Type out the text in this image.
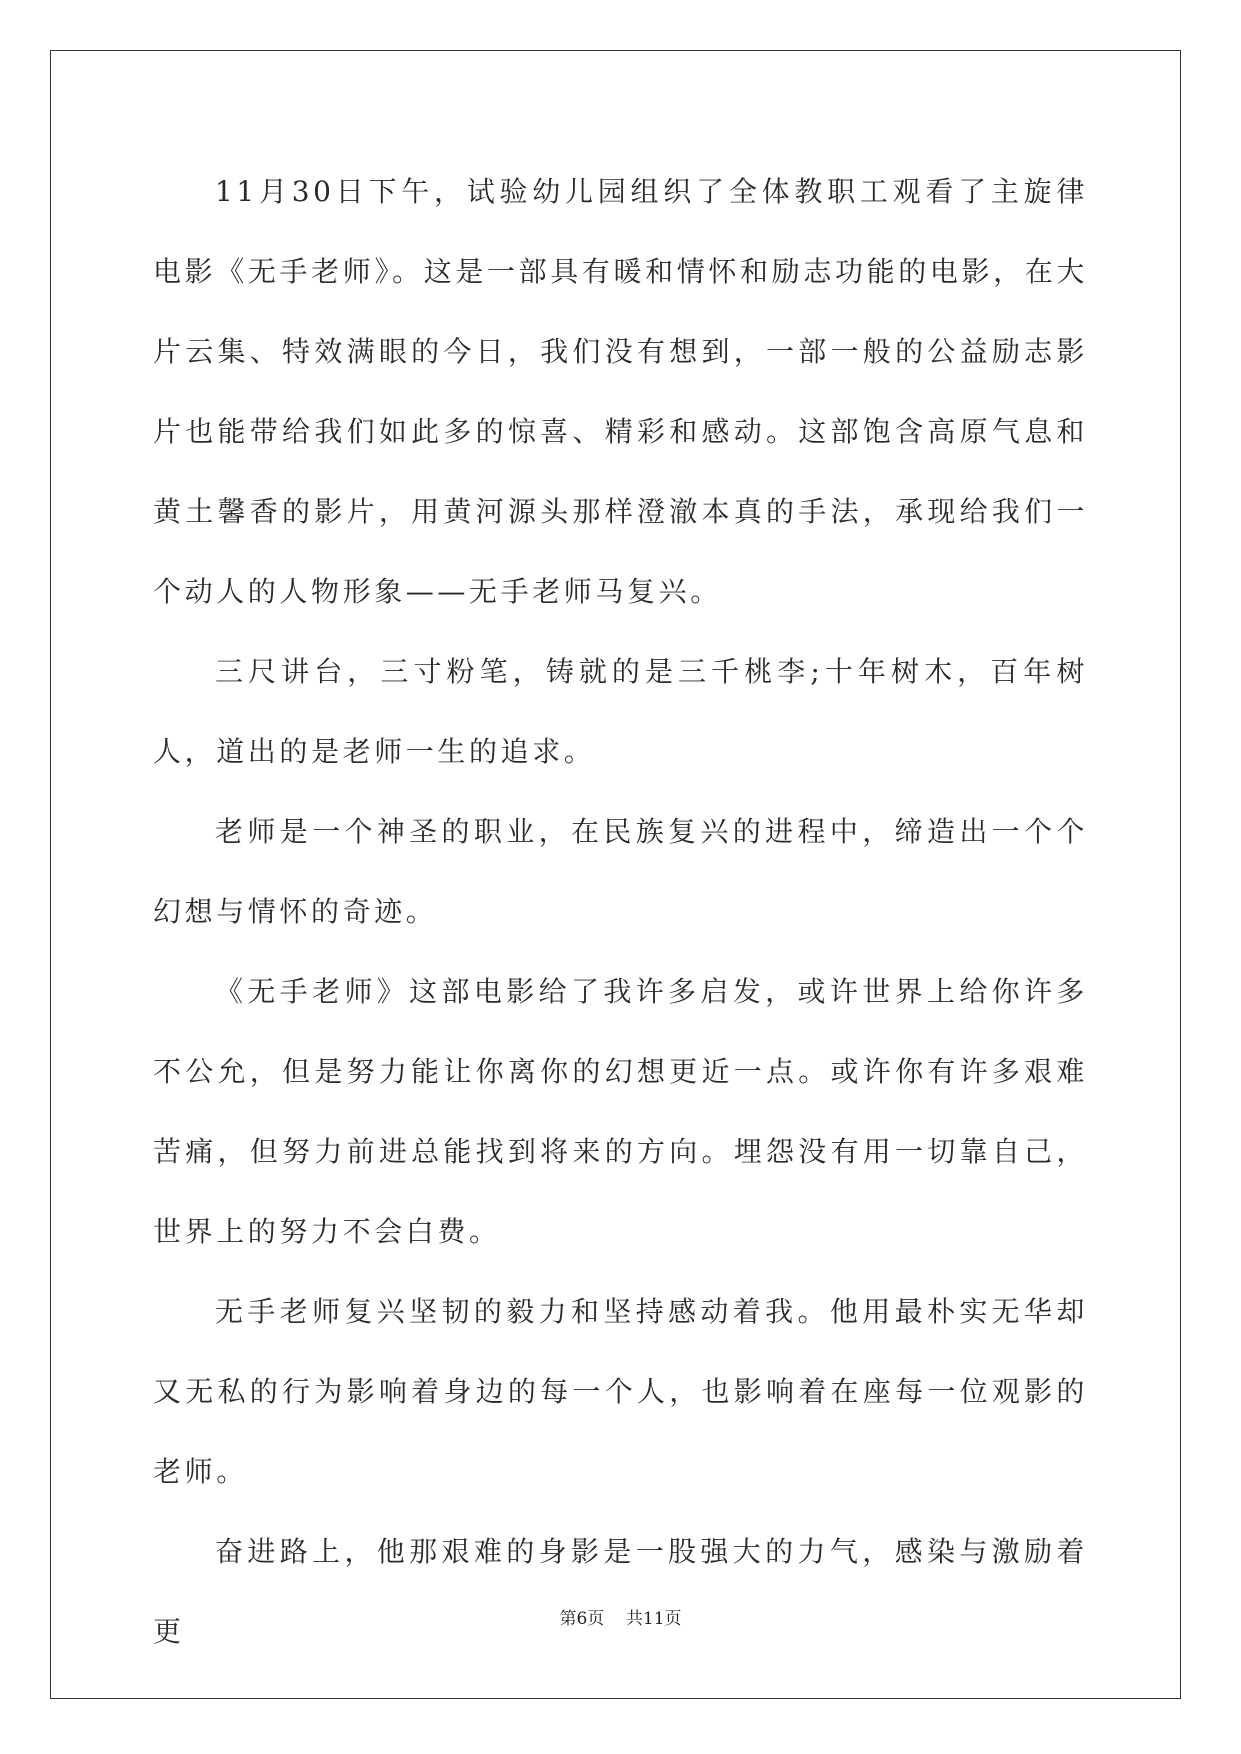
11月30日下午，试验幼儿园组织了全体教职工观看了主旋律电影《无手老师》。这是一部具有暖和情怀和励志功能的电影，在大片云集、特效满眼的今日，我们没有想到，一部一般的公益励志影片也能带给我们如此多的惊喜、精彩和感动。这部饱含高原气息和黄土馨香的影片，用黄河源头那样澄澈本真的手法，承现给我们一个动人的人物形象——无手老师马复兴。

三尺讲台，三寸粉笔，铸就的是三千桃李;十年树木，百年树人，道出的是老师一生的追求。

老师是一个神圣的职业，在民族复兴的进程中，缔造出一个个幻想与情怀的奇迹。

《无手老师》这部电影给了我许多启发，或许世界上给你许多不公允，但是努力能让你离你的幻想更近一点。或许你有许多艰难苦痛，但努力前进总能找到将来的方向。埋怨没有用一切靠自己，世界上的努力不会白费。

无手老师复兴坚韧的毅力和坚持感动着我。他用最朴实无华却又无私的行为影响着身边的每一个人，也影响着在座每一位观影的老师。

奋进路上，他那艰难的身影是一股强大的力气，感染与激励着更	第6页 共11页
